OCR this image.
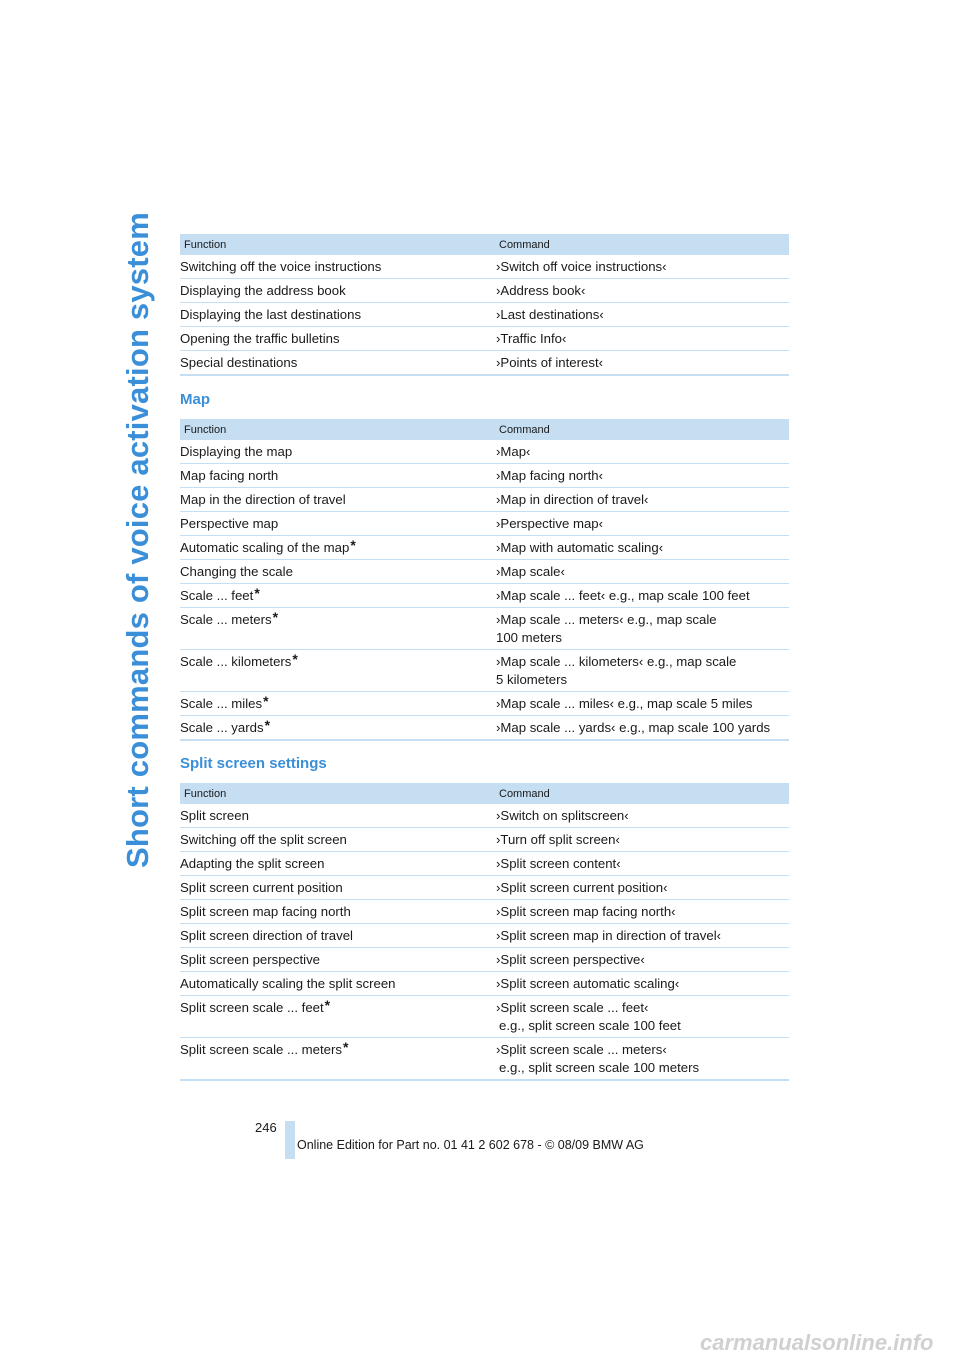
Short commands of voice activation system	Function	Command
Switching off the voice instructions	›Switch off voice instructions‹
Displaying the address book	›Address book‹
Displaying the last destinations	›Last destinations‹
Opening the traffic bulletins	›Traffic Info‹
Special destinations	›Points of interest‹
Map
Function	Command
Displaying the map	›Map‹
Map facing north	›Map facing north‹
Map in the direction of travel	›Map in direction of travel‹
Perspective map	›Perspective map‹
Automatic scaling of the map*	›Map with automatic scaling‹
Changing the scale	›Map scale‹
Scale ... feet*	›Map scale ... feet‹ e.g., map scale 100 feet
Scale ... meters*	›Map scale ... meters‹ e.g., map scale
100 meters

Scale ... kilometers*	›Map scale ... kilometers‹ e.g., map scale
5 kilometers

Scale ... miles*	›Map scale ... miles‹ e.g., map scale 5 miles
Scale ... yards*	›Map scale ... yards‹ e.g., map scale 100 yards
Split screen settings
Function	Command
Split screen	›Switch on splitscreen‹
Switching off the split screen	›Turn off split screen‹
Adapting the split screen	›Split screen content‹
Split screen current position	›Split screen current position‹
Split screen map facing north	›Split screen map facing north‹
Split screen direction of travel	›Split screen map in direction of travel‹
Split screen perspective	›Split screen perspective‹
Automatically scaling the split screen	›Split screen automatic scaling‹
Split screen scale ... feet*	›Split screen scale ... feet‹
e.g., split screen scale 100 feet

Split screen scale ... meters*	›Split screen scale ... meters‹
e.g., split screen scale 100 meters
246
Online Edition for Part no. 01 41 2 602 678 - © 08/09 BMW AG
carmanualsonline.info
